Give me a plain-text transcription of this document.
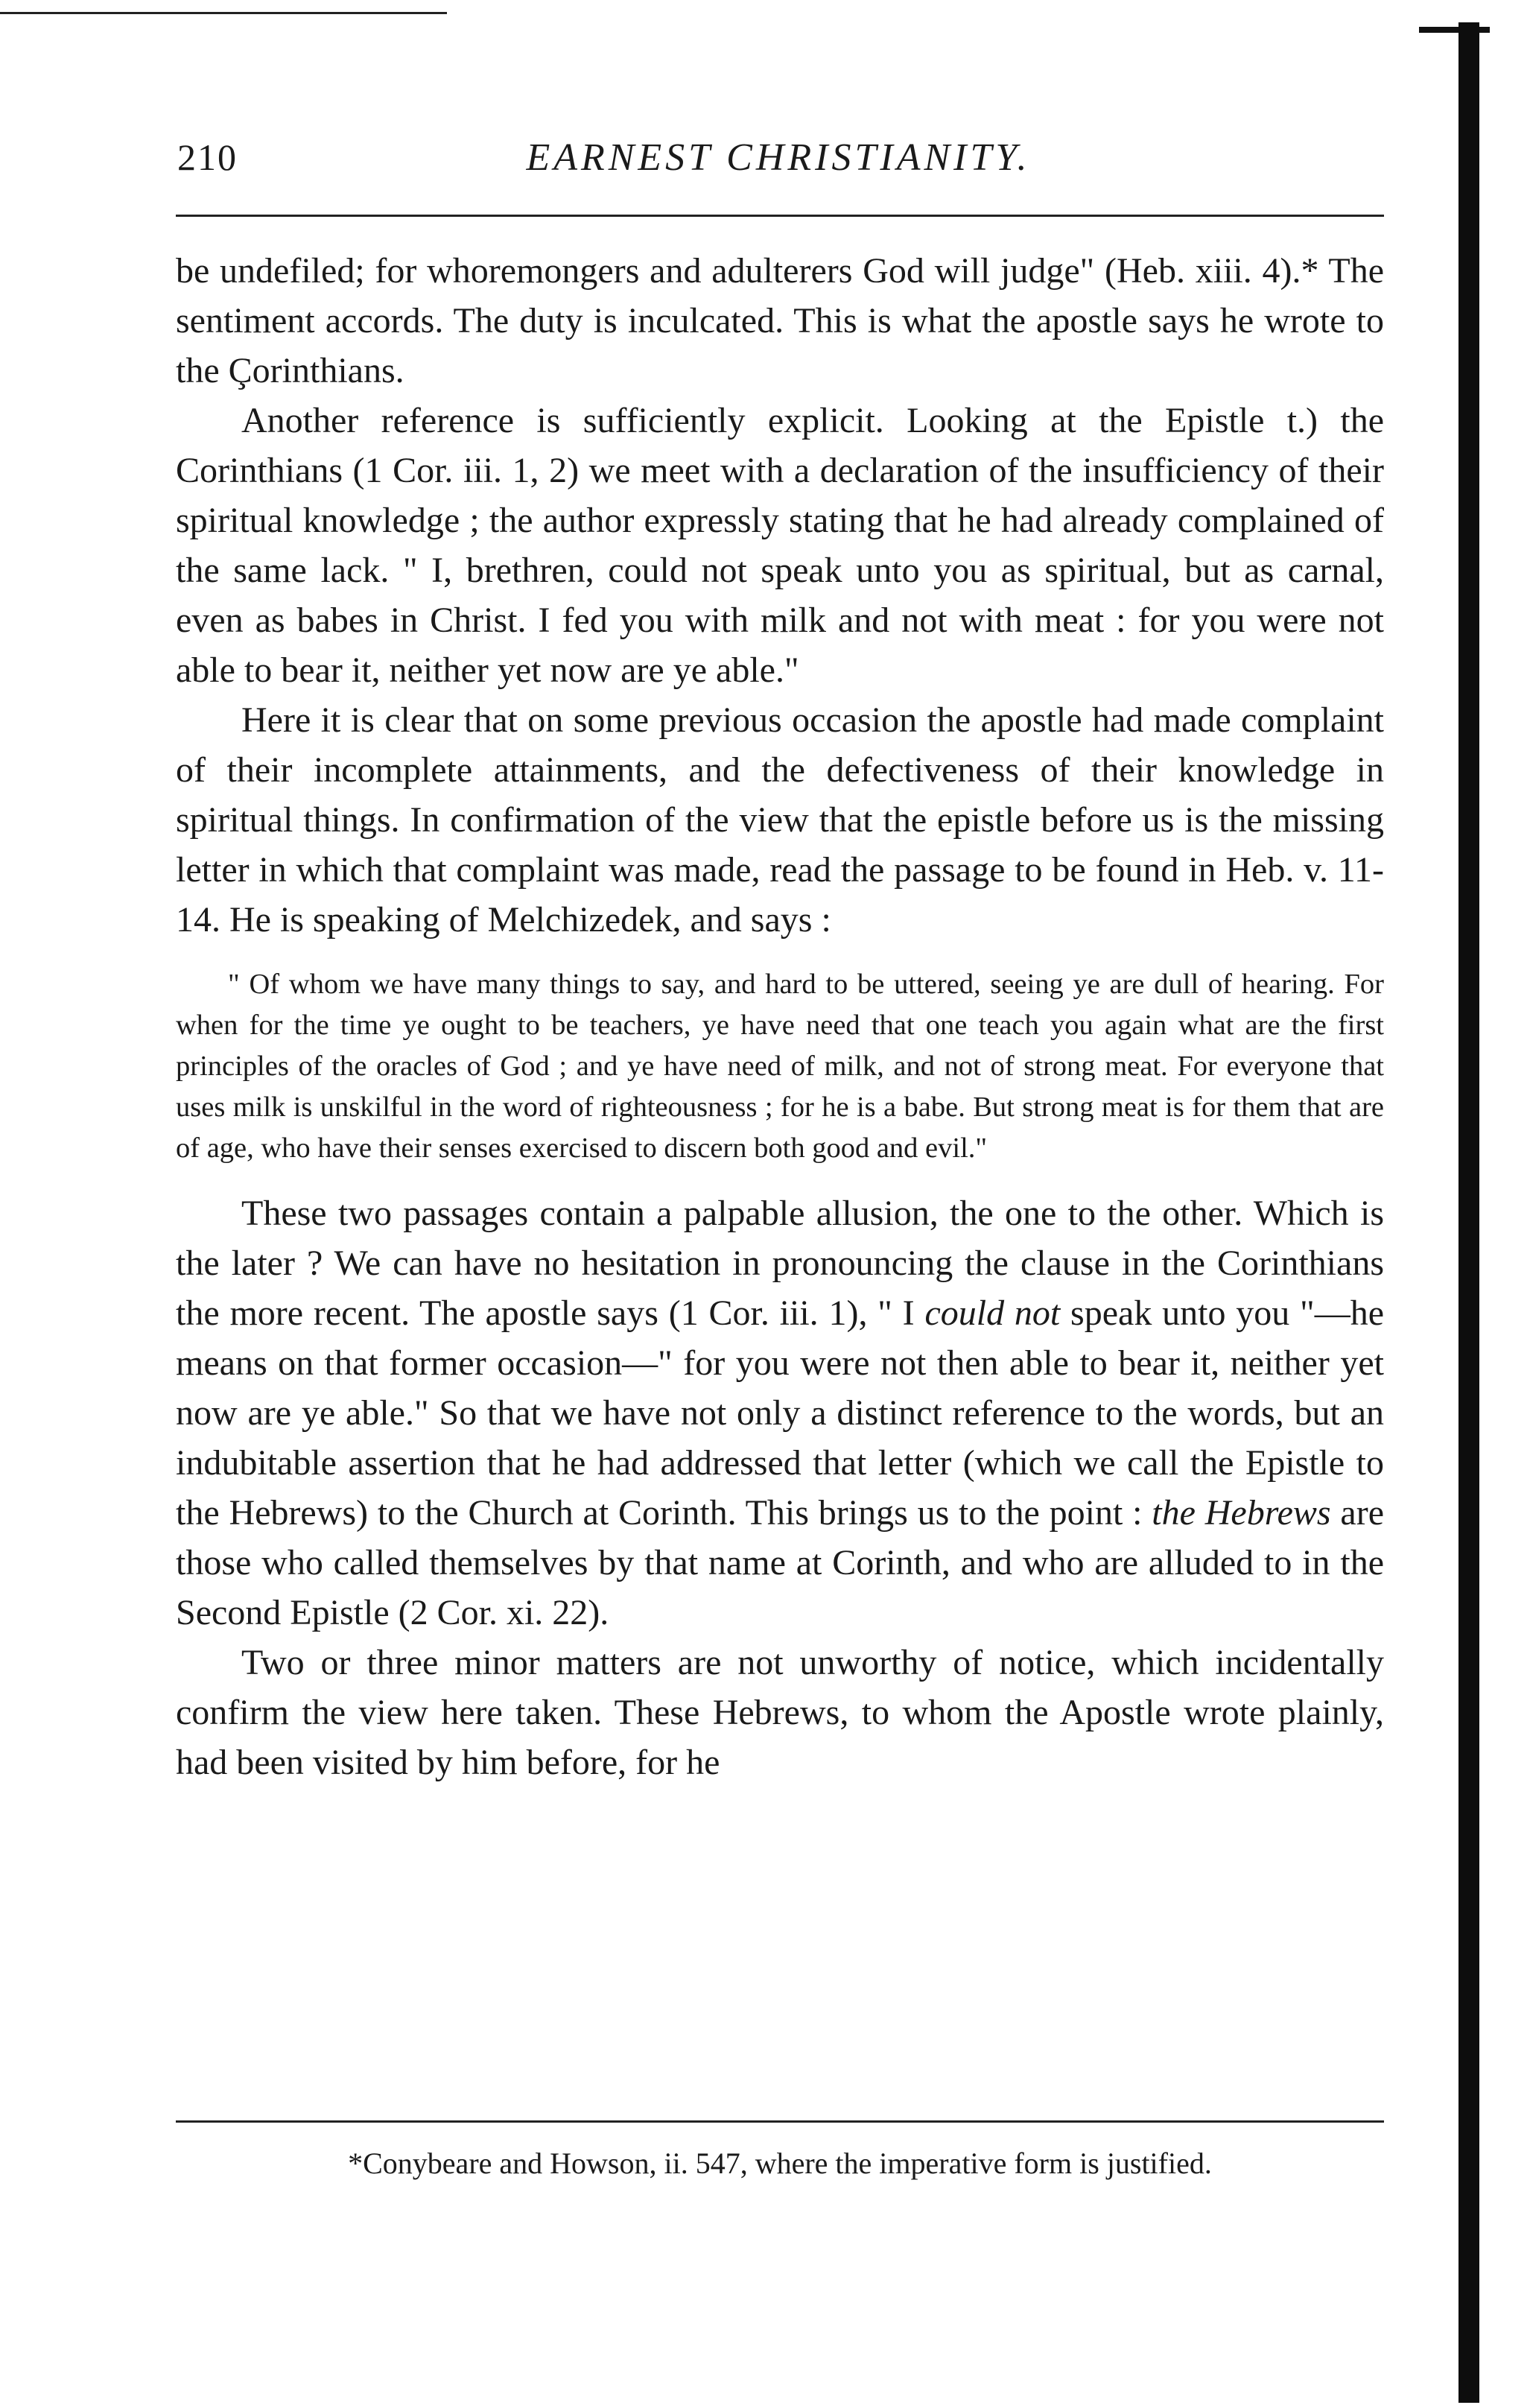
210	EARNEST CHRISTIANITY.

be undefiled; for whoremongers and adulterers God will judge" (Heb. xiii. 4).* The sentiment accords. The duty is inculcated. This is what the apostle says he wrote to the Çorinthians.

Another reference is sufficiently explicit. Looking at the Epistle t.) the Corinthians (1 Cor. iii. 1, 2) we meet with a declaration of the insufficiency of their spiritual knowledge ; the author expressly stating that he had already complained of the same lack. " I, brethren, could not speak unto you as spiritual, but as carnal, even as babes in Christ. I fed you with milk and not with meat : for you were not able to bear it, neither yet now are ye able."

Here it is clear that on some previous occasion the apostle had made complaint of their incomplete attainments, and the defectiveness of their knowledge in spiritual things. In confirmation of the view that the epistle before us is the missing letter in which that complaint was made, read the passage to be found in Heb. v. 11-14. He is speaking of Melchizedek, and says :

" Of whom we have many things to say, and hard to be uttered, seeing ye are dull of hearing. For when for the time ye ought to be teachers, ye have need that one teach you again what are the first principles of the oracles of God ; and ye have need of milk, and not of strong meat. For everyone that uses milk is unskilful in the word of righteousness ; for he is a babe. But strong meat is for them that are of age, who have their senses exercised to discern both good and evil."

These two passages contain a palpable allusion, the one to the other. Which is the later ? We can have no hesitation in pronouncing the clause in the Corinthians the more recent. The apostle says (1 Cor. iii. 1), " I could not speak unto you "—he means on that former occasion—" for you were not then able to bear it, neither yet now are ye able." So that we have not only a distinct reference to the words, but an indubitable assertion that he had addressed that letter (which we call the Epistle to the Hebrews) to the Church at Corinth. This brings us to the point : the Hebrews are those who called themselves by that name at Corinth, and who are alluded to in the Second Epistle (2 Cor. xi. 22).

Two or three minor matters are not unworthy of notice, which incidentally confirm the view here taken. These Hebrews, to whom the Apostle wrote plainly, had been visited by him before, for he

*Conybeare and Howson, ii. 547, where the imperative form is justified.
